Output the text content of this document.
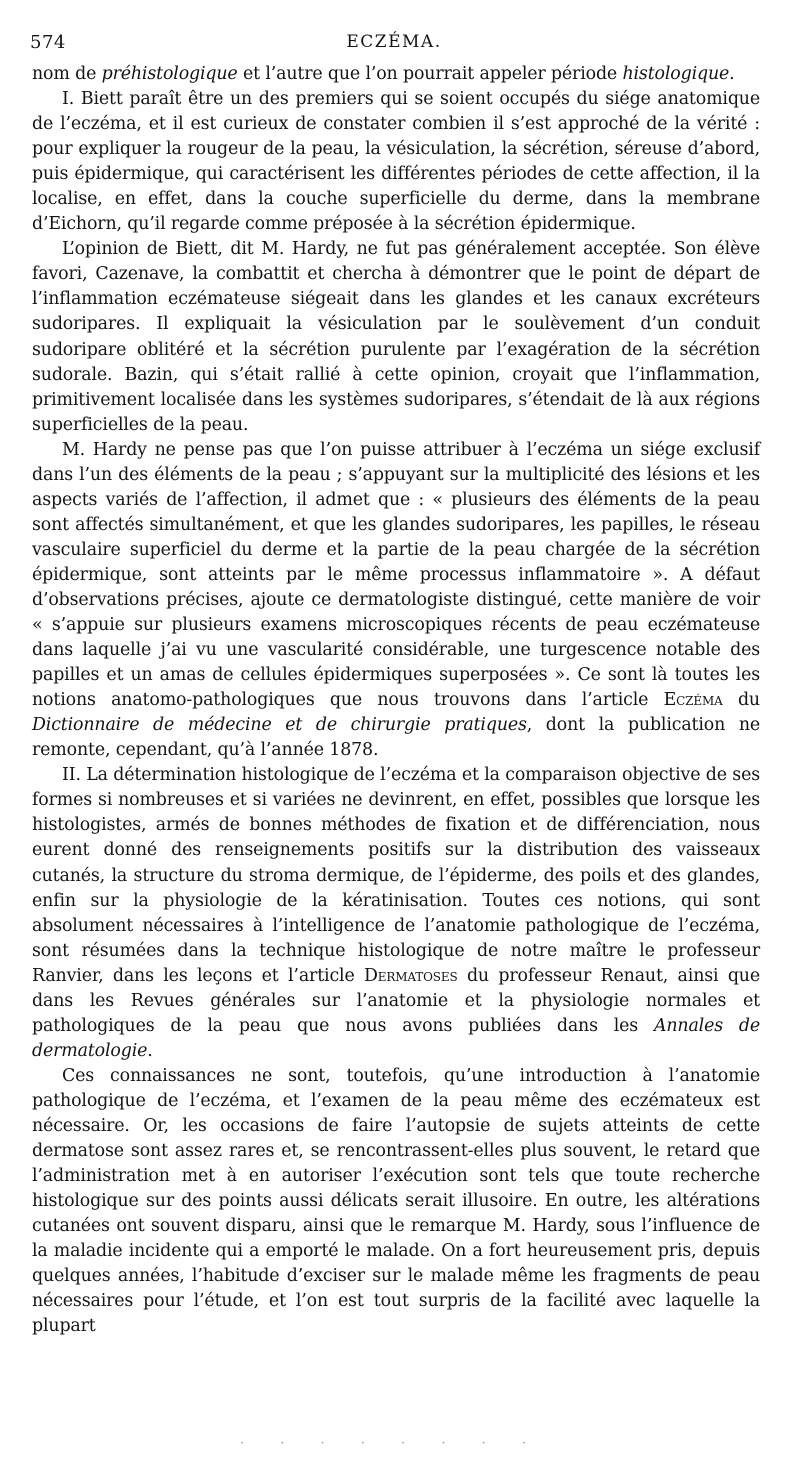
574	ECZÉMA.

nom de préhistologique et l’autre que l’on pourrait appeler période histologique.

I. Biett paraît être un des premiers qui se soient occupés du siége anatomique de l’eczéma, et il est curieux de constater combien il s’est approché de la vérité : pour expliquer la rougeur de la peau, la vésiculation, la sécrétion, séreuse d’abord, puis épidermique, qui caractérisent les différentes périodes de cette affection, il la localise, en effet, dans la couche superficielle du derme, dans la membrane d’Eichorn, qu’il regarde comme préposée à la sécrétion épidermique.

L’opinion de Biett, dit M. Hardy, ne fut pas généralement acceptée. Son élève favori, Cazenave, la combattit et chercha à démontrer que le point de départ de l’inflammation eczémateuse siégeait dans les glandes et les canaux excréteurs sudoripares. Il expliquait la vésiculation par le soulèvement d’un conduit sudoripare oblitéré et la sécrétion purulente par l’exagération de la sécrétion sudorale. Bazin, qui s’était rallié à cette opinion, croyait que l’inflammation, primitivement localisée dans les systèmes sudoripares, s’étendait de là aux régions superficielles de la peau.

M. Hardy ne pense pas que l’on puisse attribuer à l’eczéma un siége exclusif dans l’un des éléments de la peau ; s’appuyant sur la multiplicité des lésions et les aspects variés de l’affection, il admet que : « plusieurs des éléments de la peau sont affectés simultanément, et que les glandes sudoripares, les papilles, le réseau vasculaire superficiel du derme et la partie de la peau chargée de la sécrétion épidermique, sont atteints par le même processus inflammatoire ». A défaut d’observations précises, ajoute ce dermatologiste distingué, cette manière de voir « s’appuie sur plusieurs examens microscopiques récents de peau eczémateuse dans laquelle j’ai vu une vascularité considérable, une turgescence notable des papilles et un amas de cellules épidermiques superposées ». Ce sont là toutes les notions anatomo-pathologiques que nous trouvons dans l’article Eczéma du Dictionnaire de médecine et de chirurgie pratiques, dont la publication ne remonte, cependant, qu’à l’année 1878.

II. La détermination histologique de l’eczéma et la comparaison objective de ses formes si nombreuses et si variées ne devinrent, en effet, possibles que lorsque les histologistes, armés de bonnes méthodes de fixation et de différenciation, nous eurent donné des renseignements positifs sur la distribution des vaisseaux cutanés, la structure du stroma dermique, de l’épiderme, des poils et des glandes, enfin sur la physiologie de la kératinisation. Toutes ces notions, qui sont absolument nécessaires à l’intelligence de l’anatomie pathologique de l’eczéma, sont résumées dans la technique histologique de notre maître le professeur Ranvier, dans les leçons et l’article Dermatoses du professeur Renaut, ainsi que dans les Revues générales sur l’anatomie et la physiologie normales et pathologiques de la peau que nous avons publiées dans les Annales de dermatologie.

Ces connaissances ne sont, toutefois, qu’une introduction à l’anatomie pathologique de l’eczéma, et l’examen de la peau même des eczémateux est nécessaire. Or, les occasions de faire l’autopsie de sujets atteints de cette dermatose sont assez rares et, se rencontrassent-elles plus souvent, le retard que l’administration met à en autoriser l’exécution sont tels que toute recherche histologique sur des points aussi délicats serait illusoire. En outre, les altérations cutanées ont souvent disparu, ainsi que le remarque M. Hardy, sous l’influence de la maladie incidente qui a emporté le malade. On a fort heureusement pris, depuis quelques années, l’habitude d’exciser sur le malade même les fragments de peau nécessaires pour l’étude, et l’on est tout surpris de la facilité avec laquelle la plupart

· · · · · · · ·
